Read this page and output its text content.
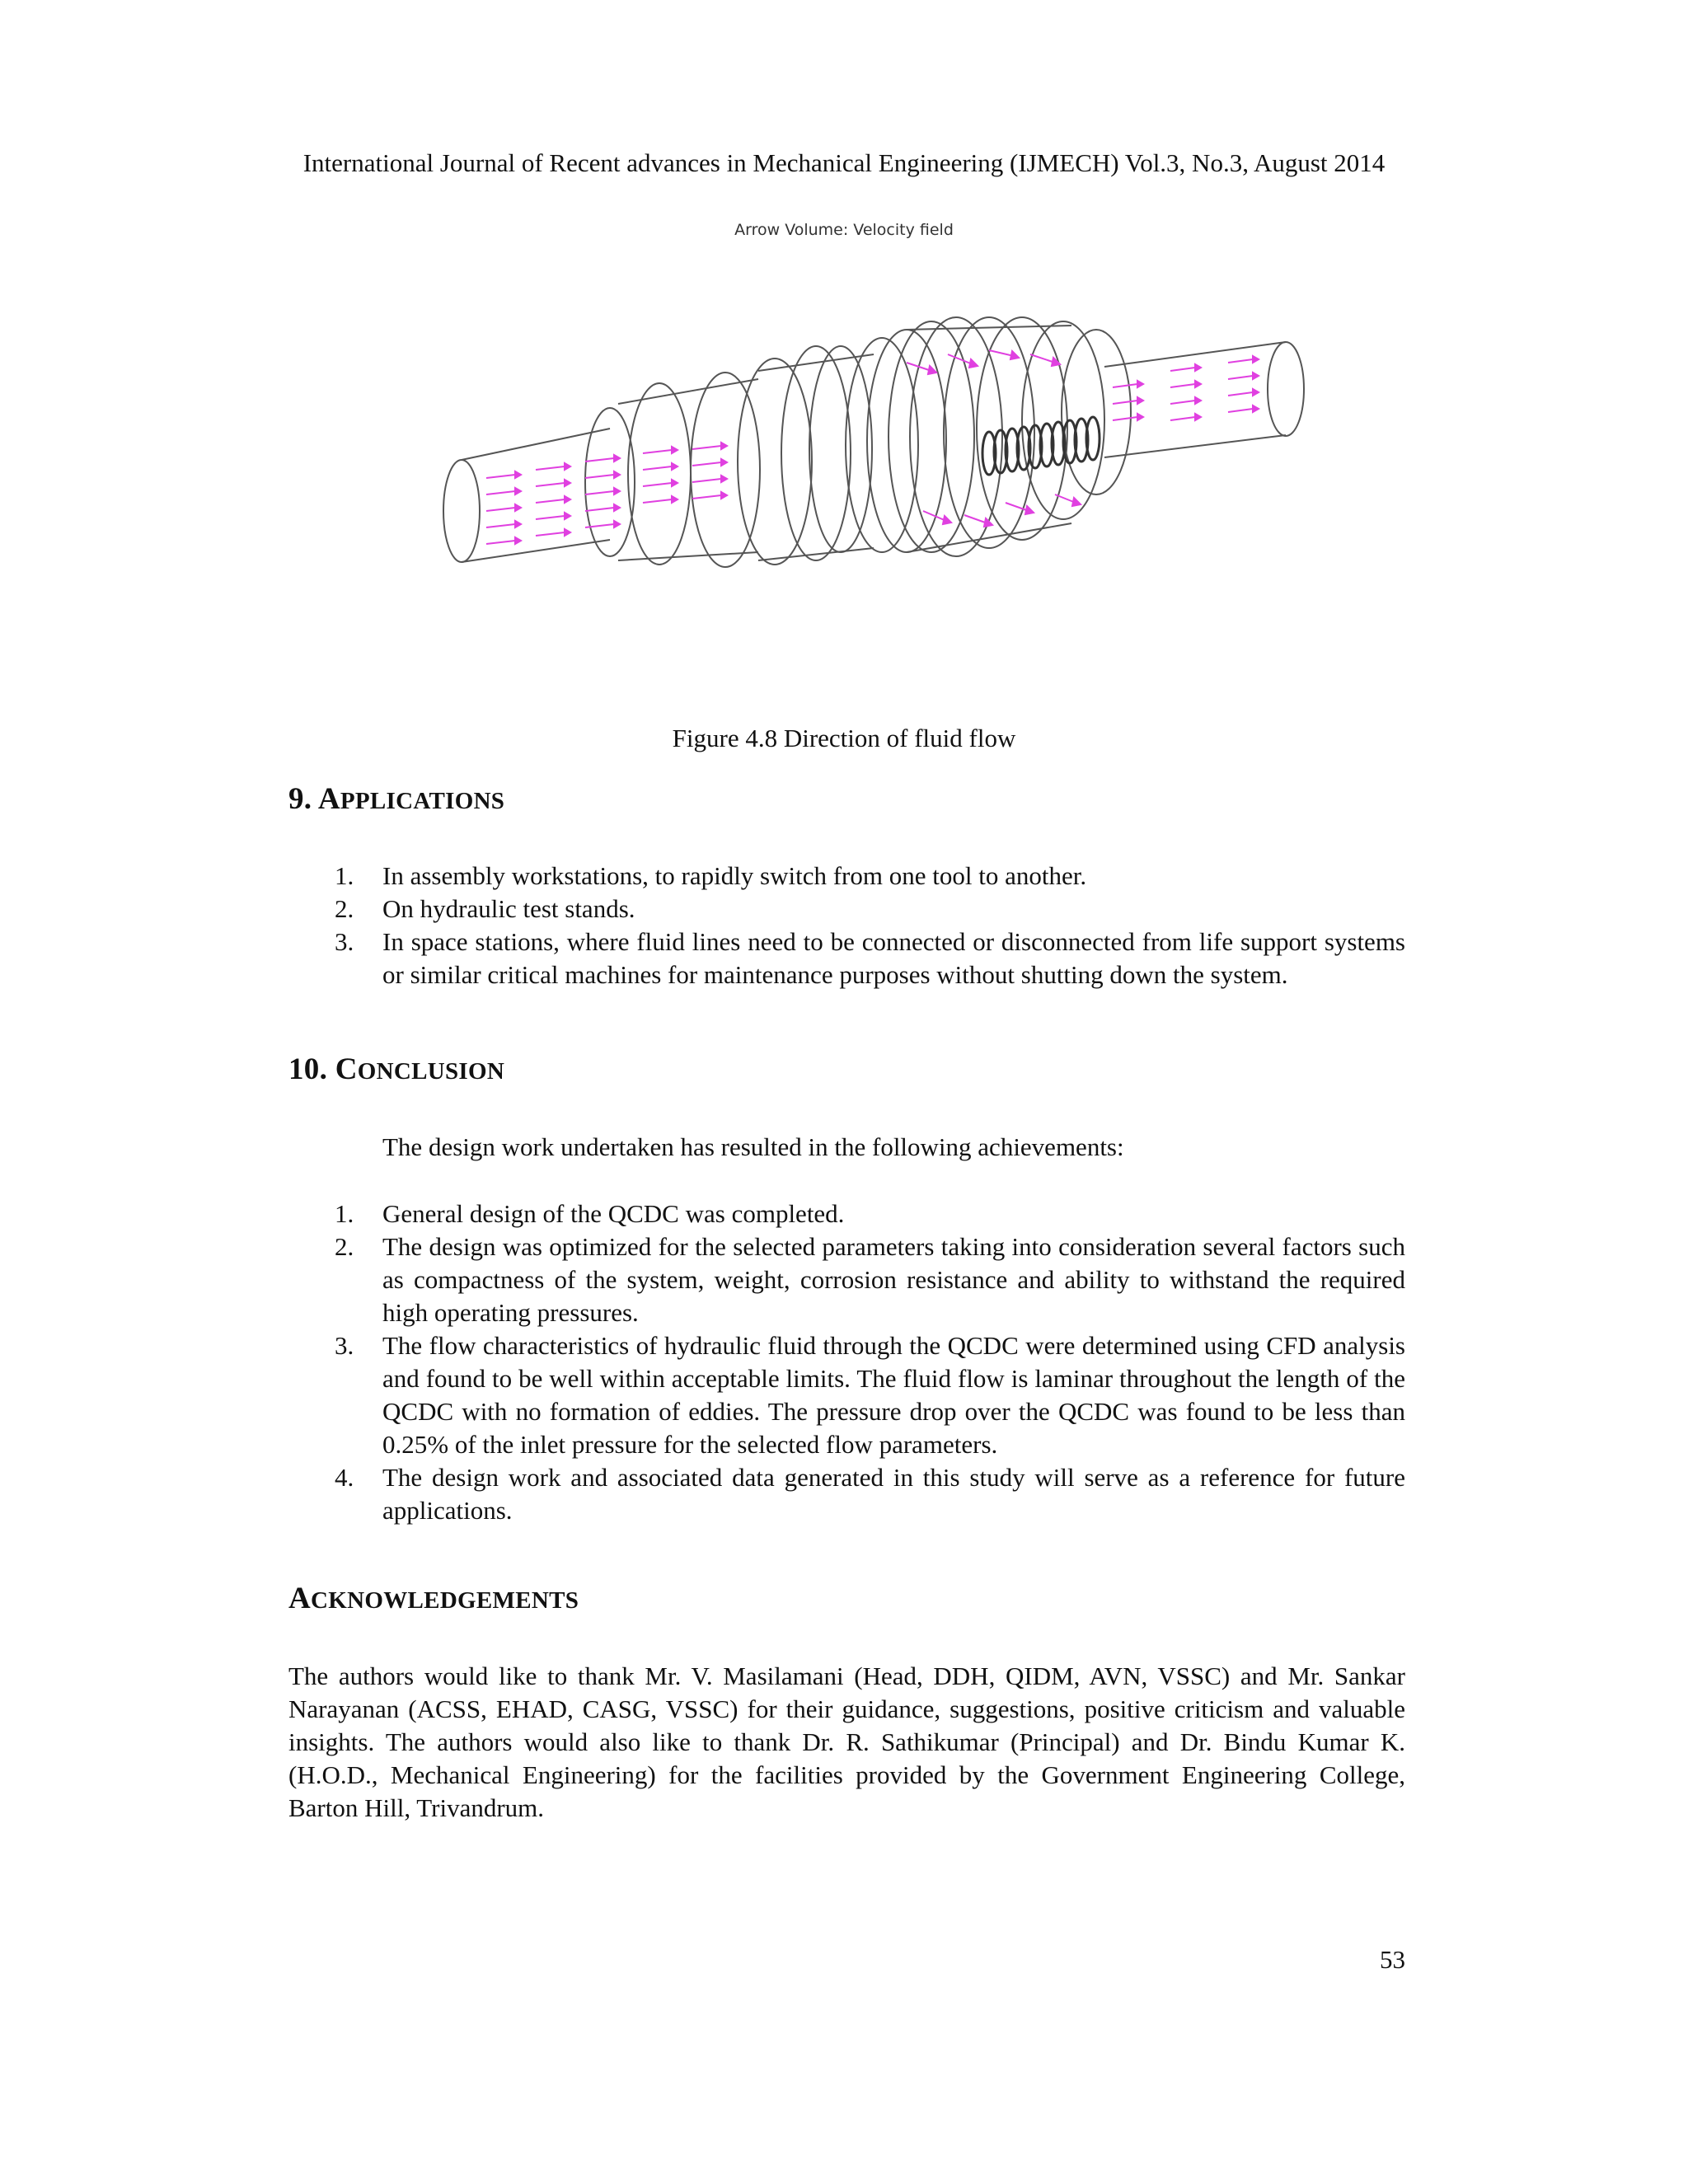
International Journal of Recent advances in Mechanical Engineering (IJMECH) Vol.3, No.3, August 2014
Arrow Volume: Velocity field
Figure 4.8 Direction of fluid flow
9. APPLICATIONS
1. In assembly workstations, to rapidly switch from one tool to another.
2. On hydraulic test stands.
3. In space stations, where fluid lines need to be connected or disconnected from life support systems or similar critical machines for maintenance purposes without shutting down the system.
10. CONCLUSION
The design work undertaken has resulted in the following achievements:
1. General design of the QCDC was completed.
2. The design was optimized for the selected parameters taking into consideration several factors such as compactness of the system, weight, corrosion resistance and ability to withstand the required high operating pressures.
3. The flow characteristics of hydraulic fluid through the QCDC were determined using CFD analysis and found to be well within acceptable limits. The fluid flow is laminar throughout the length of the QCDC with no formation of eddies. The pressure drop over the QCDC was found to be less than 0.25% of the inlet pressure for the selected flow parameters.
4. The design work and associated data generated in this study will serve as a reference for future applications.
ACKNOWLEDGEMENTS
The authors would like to thank Mr. V. Masilamani (Head, DDH, QIDM, AVN, VSSC) and Mr. Sankar Narayanan (ACSS, EHAD, CASG, VSSC) for their guidance, suggestions, positive criticism and valuable insights. The authors would also like to thank Dr. R. Sathikumar (Principal) and Dr. Bindu Kumar K. (H.O.D., Mechanical Engineering) for the facilities provided by the Government Engineering College, Barton Hill, Trivandrum.
53
